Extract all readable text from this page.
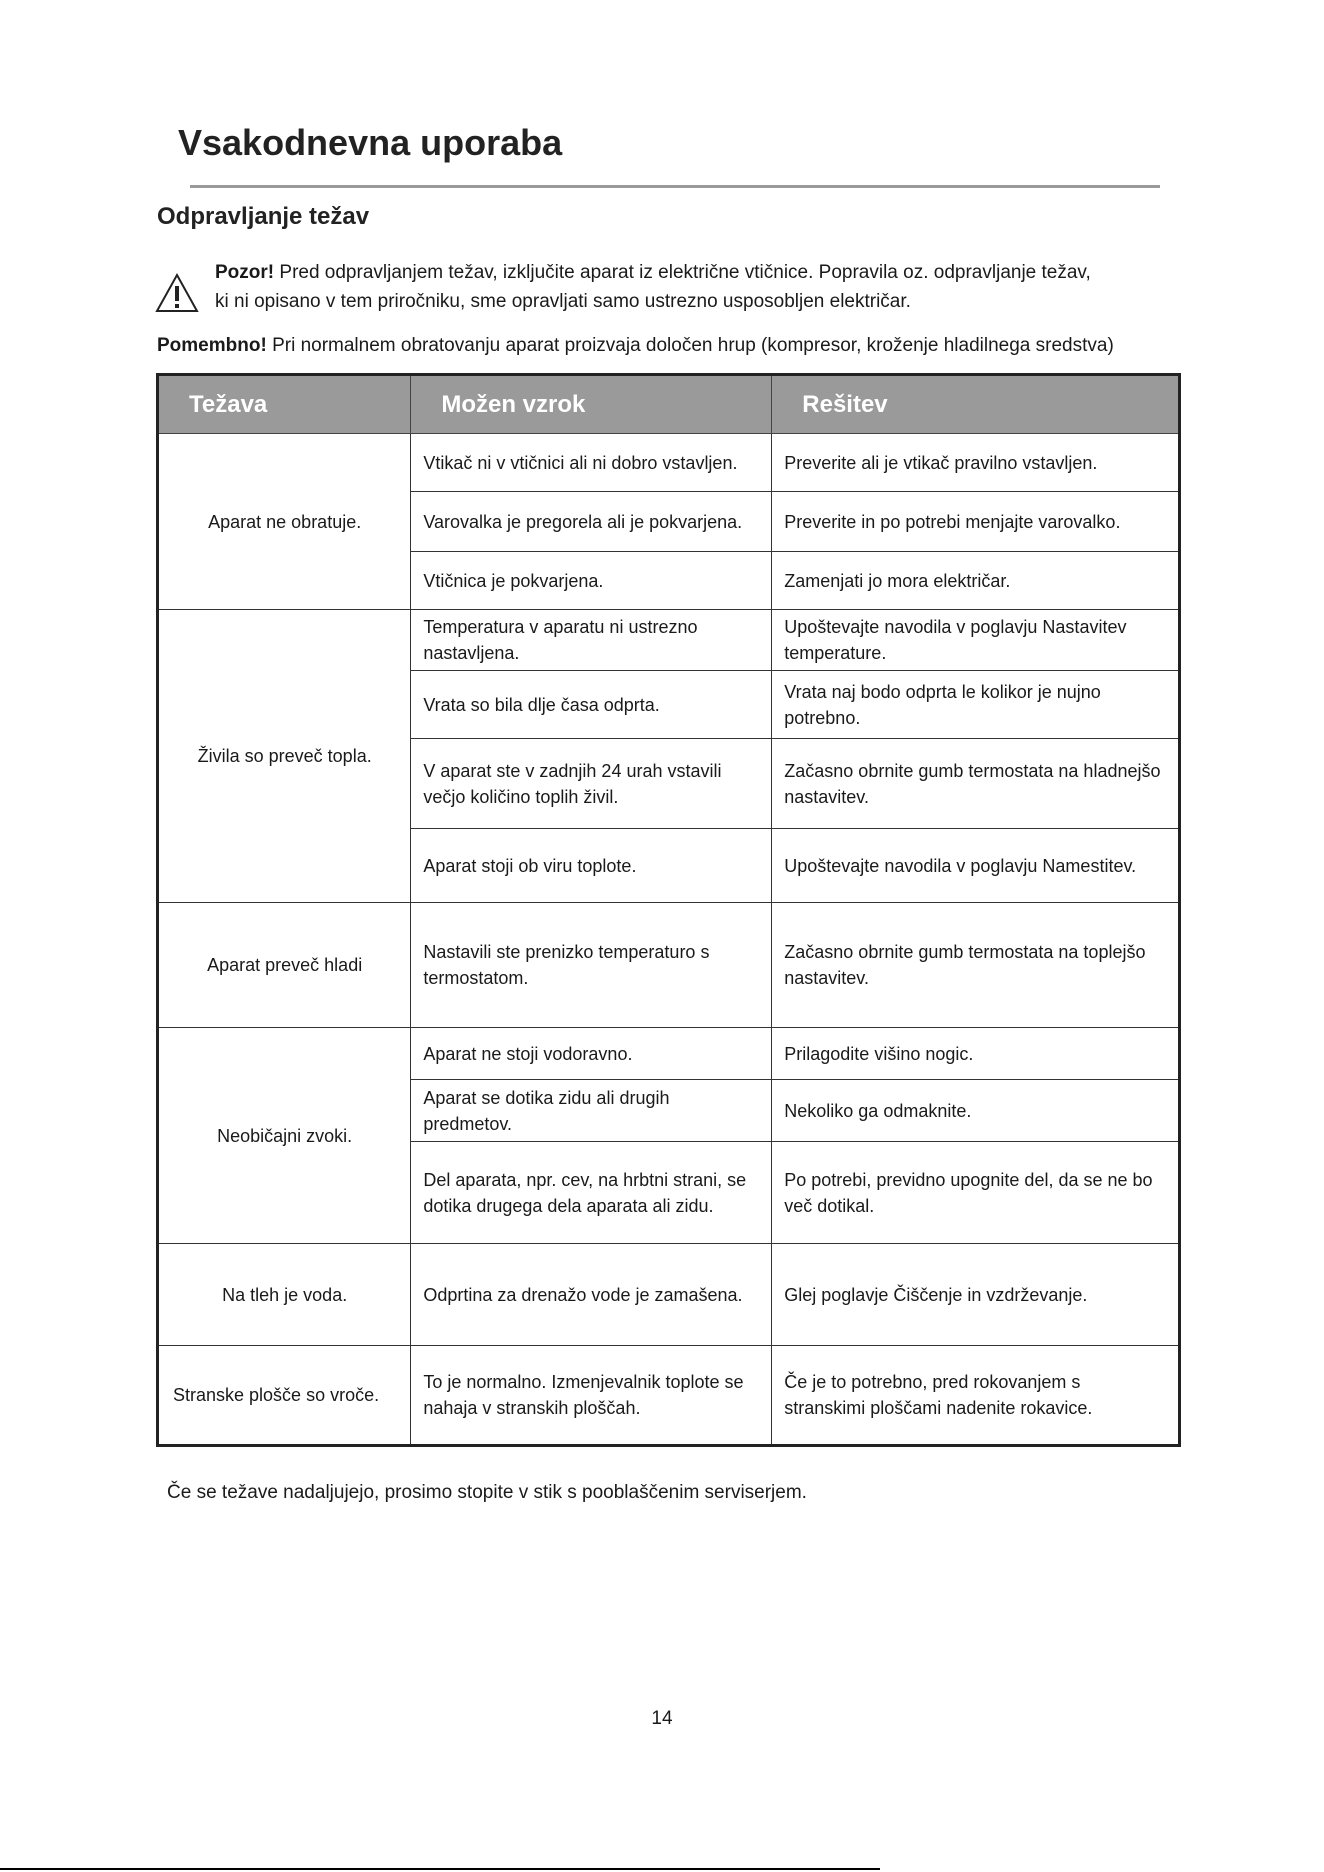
Vsakodnevna uporaba
Odpravljanje težav
Pozor! Pred odpravljanjem težav, izključite aparat iz električne vtičnice. Popravila oz. odpravljanje težav,
ki ni opisano v tem priročniku, sme opravljati samo ustrezno usposobljen električar.
Pomembno! Pri normalnem obratovanju aparat proizvaja določen hrup (kompresor, kroženje hladilnega sredstva)
Težava	Možen vzrok	Rešitev
Aparat ne obratuje.	Vtikač ni v vtičnici ali ni dobro vstavljen.	Preverite ali je vtikač pravilno vstavljen.
	Varovalka je pregorela ali je pokvarjena.	Preverite in po potrebi menjajte varovalko.
	Vtičnica je pokvarjena.	Zamenjati jo mora električar.
Živila so preveč topla.	Temperatura v aparatu ni ustrezno nastavljena.	Upoštevajte navodila v poglavju Nastavitev temperature.
	Vrata so bila dlje časa odprta.	Vrata naj bodo odprta le kolikor je nujno potrebno.
	V aparat ste v zadnjih 24 urah vstavili večjo količino toplih živil.	Začasno obrnite gumb termostata na hladnejšo nastavitev.
	Aparat stoji ob viru toplote.	Upoštevajte navodila v poglavju Namestitev.
Aparat preveč hladi	Nastavili ste prenizko temperaturo s termostatom.	Začasno obrnite gumb termostata na toplejšo nastavitev.
Neobičajni zvoki.	Aparat ne stoji vodoravno.	Prilagodite višino nogic.
	Aparat se dotika zidu ali drugih predmetov.	Nekoliko ga odmaknite.
	Del aparata, npr. cev, na hrbtni strani, se dotika drugega dela aparata ali zidu.	Po potrebi, previdno upognite del, da se ne bo več dotikal.
Na tleh je voda.	Odprtina za drenažo vode je zamašena.	Glej poglavje Čiščenje in vzdrževanje.
Stranske plošče so vroče.	To je normalno. Izmenjevalnik toplote se nahaja v stranskih ploščah.	Če je to potrebno, pred rokovanjem s stranskimi ploščami nadenite rokavice.
Če se težave nadaljujejo, prosimo stopite v stik s pooblaščenim serviserjem.
14
